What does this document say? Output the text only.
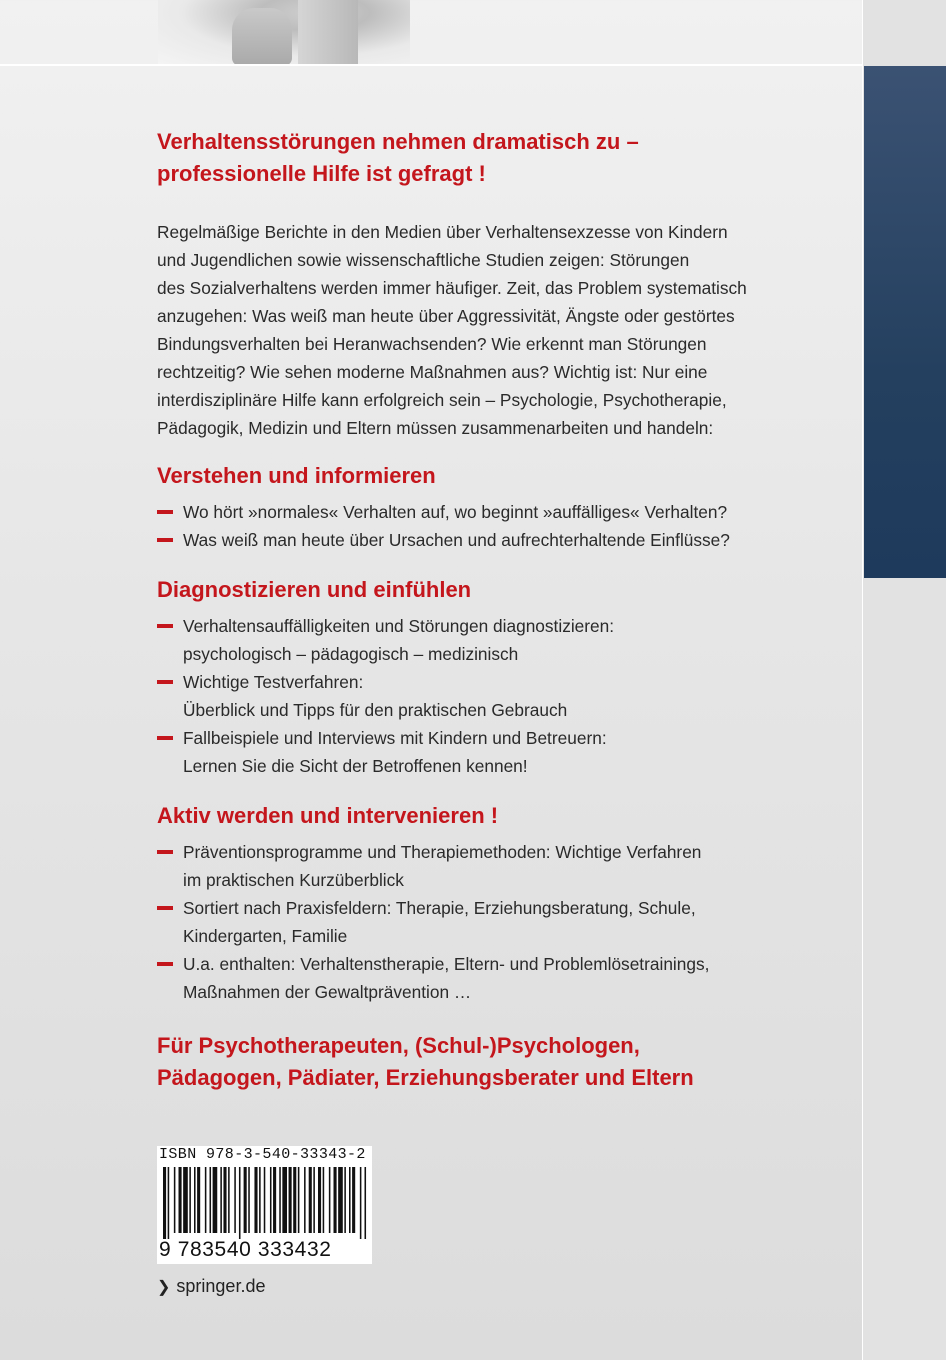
Verhaltensstörungen nehmen dramatisch zu –
professionelle Hilfe ist gefragt !

Regelmäßige Berichte in den Medien über Verhaltensexzesse von Kindern
und Jugendlichen sowie wissenschaftliche Studien zeigen: Störungen
des Sozialverhaltens werden immer häufiger. Zeit, das Problem systematisch
anzugehen: Was weiß man heute über Aggressivität, Ängste oder gestörtes
Bindungsverhalten bei Heranwachsenden? Wie erkennt man Störungen
rechtzeitig? Wie sehen moderne Maßnahmen aus? Wichtig ist: Nur eine
interdisziplinäre Hilfe kann erfolgreich sein – Psychologie, Psychotherapie,
Pädagogik, Medizin und Eltern müssen zusammenarbeiten und handeln:

Verstehen und informieren
Wo hört »normales« Verhalten auf, wo beginnt »auffälliges« Verhalten?
Was weiß man heute über Ursachen und aufrechterhaltende Einflüsse?
Diagnostizieren und einfühlen
Verhaltensauffälligkeiten und Störungen diagnostizieren:
psychologisch – pädagogisch – medizinisch
Wichtige Testverfahren:
Überblick und Tipps für den praktischen Gebrauch
Fallbeispiele und Interviews mit Kindern und Betreuern:
Lernen Sie die Sicht der Betroffenen kennen!
Aktiv werden und intervenieren !
Präventionsprogramme und Therapiemethoden: Wichtige Verfahren
im praktischen Kurzüberblick
Sortiert nach Praxisfeldern: Therapie, Erziehungsberatung, Schule,
Kindergarten, Familie
U.a. enthalten: Verhaltenstherapie, Eltern- und Problemlösetrainings,
Maßnahmen der Gewaltprävention …
Für Psychotherapeuten, (Schul-)Psychologen,
Pädagogen, Pädiater, Erziehungsberater und Eltern
ISBN 978-3-540-33343-2
9 783540 333432
❯ springer.de
